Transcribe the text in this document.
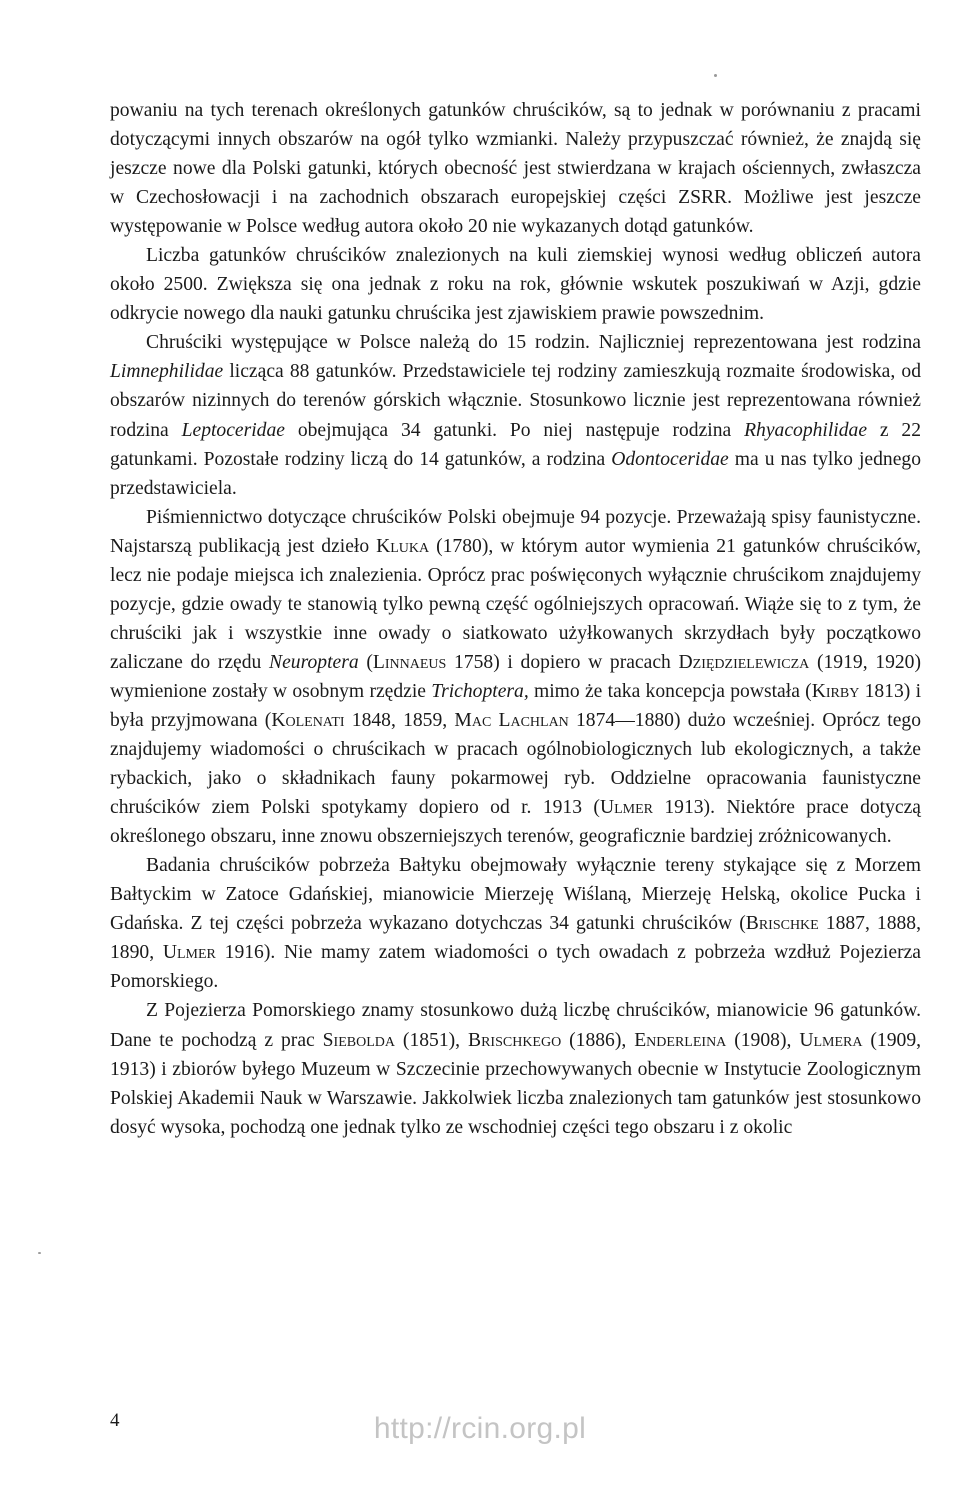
powaniu na tych terenach określonych gatunków chruścików, są to jednak w porównaniu z pracami dotyczącymi innych obszarów na ogół tylko wzmianki. Należy przypuszczać również, że znajdą się jeszcze nowe dla Polski gatunki, których obecność jest stwierdzana w krajach ościennych, zwłaszcza w Czechosłowacji i na zachodnich obszarach europejskiej części ZSRR. Możliwe jest jeszcze występowanie w Polsce według autora około 20 nie wykazanych dotąd gatunków.

Liczba gatunków chruścików znalezionych na kuli ziemskiej wynosi według obliczeń autora około 2500. Zwiększa się ona jednak z roku na rok, głównie wskutek poszukiwań w Azji, gdzie odkrycie nowego dla nauki gatunku chruścika jest zjawiskiem prawie powszednim.

Chruściki występujące w Polsce należą do 15 rodzin. Najliczniej reprezentowana jest rodzina Limnephilidae licząca 88 gatunków. Przedstawiciele tej rodziny zamieszkują rozmaite środowiska, od obszarów nizinnych do terenów górskich włącznie. Stosunkowo licznie jest reprezentowana również rodzina Leptoceridae obejmująca 34 gatunki. Po niej następuje rodzina Rhyacophilidae z 22 gatunkami. Pozostałe rodziny liczą do 14 gatunków, a rodzina Odontoceridae ma u nas tylko jednego przedstawiciela.

Piśmiennictwo dotyczące chruścików Polski obejmuje 94 pozycje. Przeważają spisy faunistyczne. Najstarszą publikacją jest dzieło Kluka (1780), w którym autor wymienia 21 gatunków chruścików, lecz nie podaje miejsca ich znalezienia. Oprócz prac poświęconych wyłącznie chruścikom znajdujemy pozycje, gdzie owady te stanowią tylko pewną część ogólniejszych opracowań. Wiąże się to z tym, że chruściki jak i wszystkie inne owady o siatkowato użyłkowanych skrzydłach były początkowo zaliczane do rzędu Neuroptera (Linnaeus 1758) i dopiero w pracach Dziędzielewicza (1919, 1920) wymienione zostały w osobnym rzędzie Trichoptera, mimo że taka koncepcja powstała (Kirby 1813) i była przyjmowana (Kolenati 1848, 1859, Mac Lachlan 1874—1880) dużo wcześniej. Oprócz tego znajdujemy wiadomości o chruścikach w pracach ogólnobiologicznych lub ekologicznych, a także rybackich, jako o składnikach fauny pokarmowej ryb. Oddzielne opracowania faunistyczne chruścików ziem Polski spotykamy dopiero od r. 1913 (Ulmer 1913). Niektóre prace dotyczą określonego obszaru, inne znowu obszerniejszych terenów, geograficznie bardziej zróżnicowanych.

Badania chruścików pobrzeża Bałtyku obejmowały wyłącznie tereny stykające się z Morzem Bałtyckim w Zatoce Gdańskiej, mianowicie Mierzeję Wiślaną, Mierzeję Helską, okolice Pucka i Gdańska. Z tej części pobrzeża wykazano dotychczas 34 gatunki chruścików (Brischke 1887, 1888, 1890, Ulmer 1916). Nie mamy zatem wiadomości o tych owadach z pobrzeża wzdłuż Pojezierza Pomorskiego.

Z Pojezierza Pomorskiego znamy stosunkowo dużą liczbę chruścików, mianowicie 96 gatunków. Dane te pochodzą z prac Siebolda (1851), Brischkego (1886), Enderleina (1908), Ulmera (1909, 1913) i zbiorów byłego Muzeum w Szczecinie przechowywanych obecnie w Instytucie Zoologicznym Polskiej Akademii Nauk w Warszawie. Jakkolwiek liczba znalezionych tam gatunków jest stosunkowo dosyć wysoka, pochodzą one jednak tylko ze wschodniej części tego obszaru i z okolic

4	http://rcin.org.pl
